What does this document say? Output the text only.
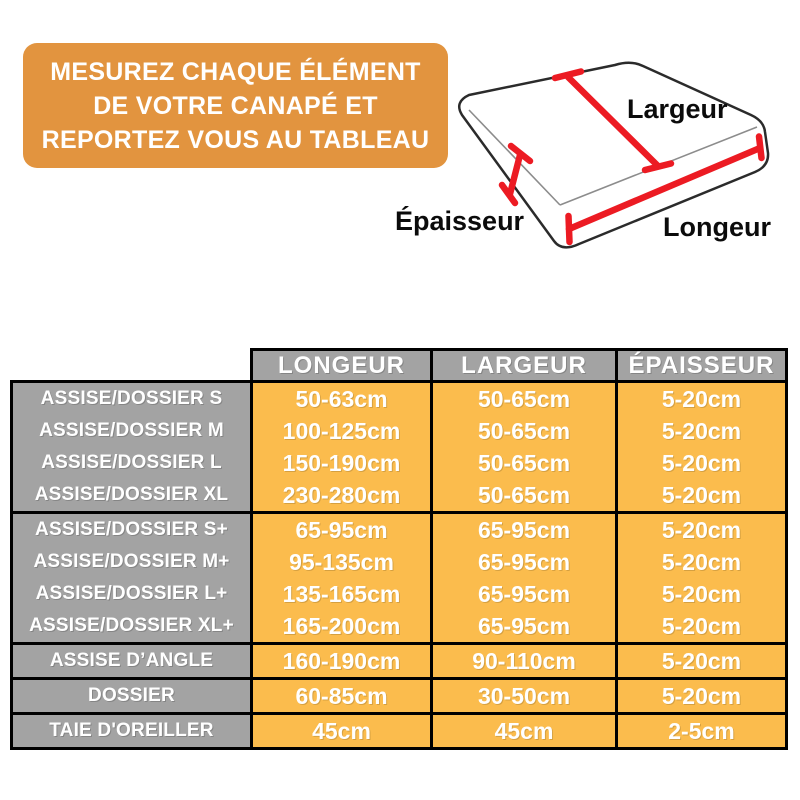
MESUREZ CHAQUE ÉLÉMENT
DE VOTRE CANAPÉ ET
REPORTEZ VOUS AU TABLEAU
Largeur
Épaisseur	Longeur
	LONGEUR	LARGEUR	ÉPAISSEUR
ASSISE/DOSSIER S	50-63cm	50-65cm	5-20cm
ASSISE/DOSSIER M	100-125cm	50-65cm	5-20cm
ASSISE/DOSSIER L	150-190cm	50-65cm	5-20cm
ASSISE/DOSSIER XL	230-280cm	50-65cm	5-20cm
ASSISE/DOSSIER S+	65-95cm	65-95cm	5-20cm
ASSISE/DOSSIER M+	95-135cm	65-95cm	5-20cm
ASSISE/DOSSIER L+	135-165cm	65-95cm	5-20cm
ASSISE/DOSSIER XL+	165-200cm	65-95cm	5-20cm
ASSISE D’ANGLE	160-190cm	90-110cm	5-20cm
DOSSIER	60-85cm	30-50cm	5-20cm
TAIE D'OREILLER	45cm	45cm	2-5cm
